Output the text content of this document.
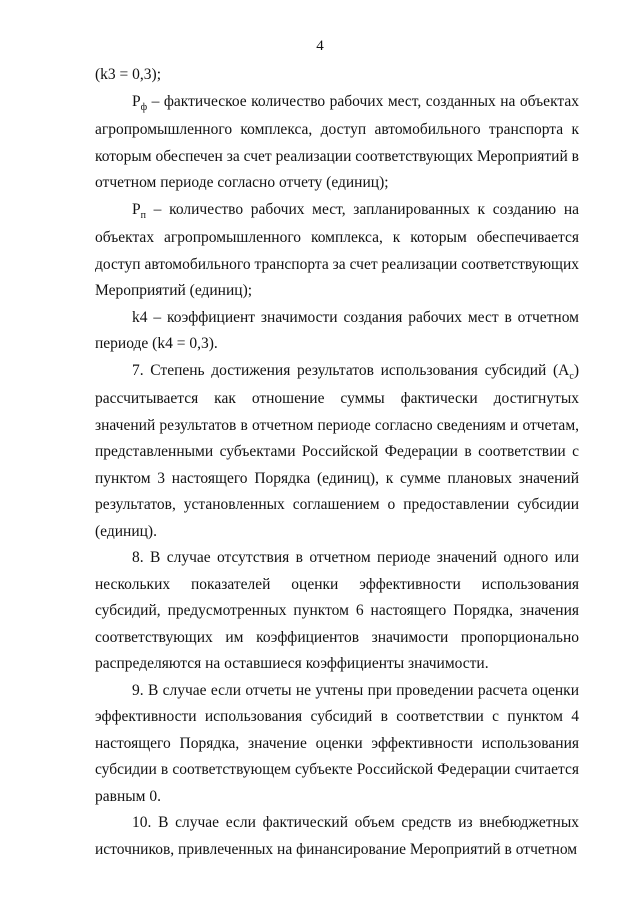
4

(k3 = 0,3);

$P_ф$ – фактическое количество рабочих мест, созданных на объектах агропромышленного комплекса, доступ автомобильного транспорта к которым обеспечен за счет реализации соответствующих Мероприятий в отчетном периоде согласно отчету (единиц);

$P_п$ – количество рабочих мест, запланированных к созданию на объектах агропромышленного комплекса, к которым обеспечивается доступ автомобильного транспорта за счет реализации соответствующих Мероприятий (единиц);

k4 – коэффициент значимости создания рабочих мест в отчетном периоде (k4 = 0,3).

7. Степень достижения результатов использования субсидий $(А_с)$ рассчитывается как отношение суммы фактически достигнутых значений результатов в отчетном периоде согласно сведениям и отчетам, представленными субъектами Российской Федерации в соответствии с пунктом 3 настоящего Порядка (единиц), к сумме плановых значений результатов, установленных соглашением о предоставлении субсидии (единиц).

8. В случае отсутствия в отчетном периоде значений одного или нескольких показателей оценки эффективности использования субсидий, предусмотренных пунктом 6 настоящего Порядка, значения соответствующих им коэффициентов значимости пропорционально распределяются на оставшиеся коэффициенты значимости.

9. В случае если отчеты не учтены при проведении расчета оценки эффективности использования субсидий в соответствии с пунктом 4 настоящего Порядка, значение оценки эффективности использования субсидии в соответствующем субъекте Российской Федерации считается равным 0.

10. В случае если фактический объем средств из внебюджетных источников, привлеченных на финансирование Мероприятий в отчетном
